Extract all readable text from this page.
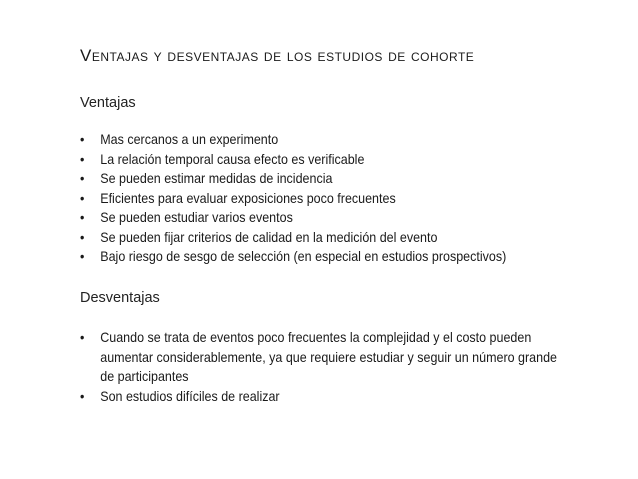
Ventajas y desventajas de los estudios de cohorte
Ventajas
•	Mas cercanos a un experimento
•	La relación temporal causa efecto es verificable
•	Se pueden estimar medidas de incidencia
•	Eficientes para evaluar exposiciones poco frecuentes
•	Se pueden estudiar varios eventos
•	Se pueden fijar criterios de calidad en la medición del evento
•	Bajo riesgo de sesgo de selección (en especial en estudios prospectivos)
Desventajas
•	Cuando se trata de eventos poco frecuentes la complejidad y el costo pueden aumentar considerablemente, ya que requiere estudiar y seguir un número grande de participantes
•	Son estudios difíciles de realizar
